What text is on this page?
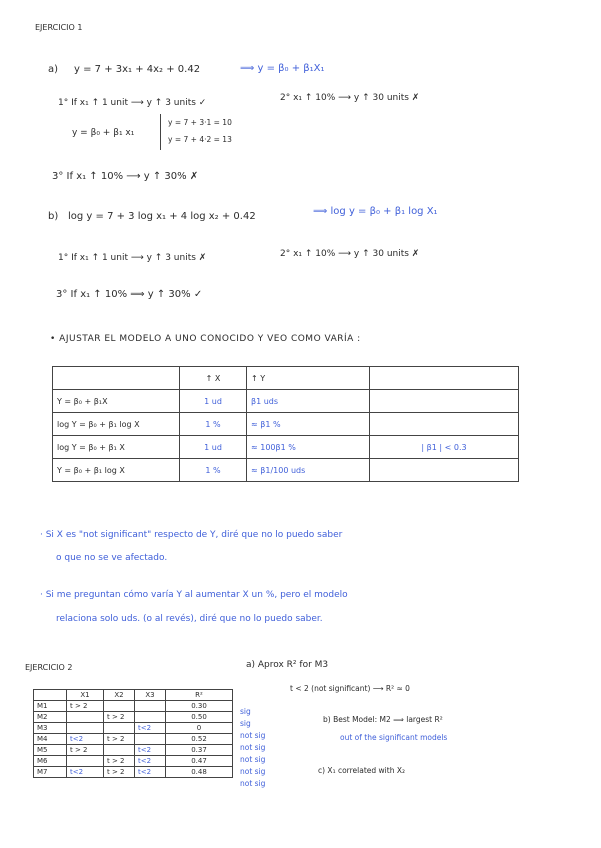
EJERCICIO 1
a) y = 7 + 3x₁ + 4x₂ + 0.42	⟹ y = β₀ + β₁X₁
1° If x₁ ↑ 1 unit ⟶ y ↑ 3 units ✓	2° x₁ ↑ 10% ⟶ y ↑ 30 units ✗
y = β₀ + β₁ x₁
y = 7 + 3·1 = 10
y = 7 + 4·2 = 13
3° If x₁ ↑ 10% ⟶ y ↑ 30% ✗
b) log y = 7 + 3 log x₁ + 4 log x₂ + 0.42	⟹ log y = β₀ + β₁ log X₁
1° If x₁ ↑ 1 unit ⟶ y ↑ 3 units ✗	2° x₁ ↑ 10% ⟶ y ↑ 30 units ✗
3° If x₁ ↑ 10% ⟹ y ↑ 30% ✓
• AJUSTAR EL MODELO A UNO CONOCIDO Y VEO COMO VARÍA :
	↑ X	↑ Y	
Y = β₀ + β₁X	1 ud	β1 uds	
log Y = β₀ + β₁ log X	1 %	≈ β1 %	
log Y = β₀ + β₁ X	1 ud	≈ 100β1 %	| β1 | < 0.3
Y = β₀ + β₁ log X	1 %	≈ β1/100 uds	
· Si X es "not significant" respecto de Y, diré que no lo puedo saber
o que no se ve afectado.
· Si me preguntan cómo varía Y al aumentar X un %, pero el modelo
relaciona solo uds. (o al revés), diré que no lo puedo saber.
EJERCICIO 2
	X1	X2	X3	R²
M1	t > 2			0.30
M2		t > 2		0.50
M3			t<2	0
M4	t<2	t > 2		0.52
M5	t > 2		t<2	0.37
M6		t > 2	t<2	0.47
M7	t<2	t > 2	t<2	0.48
sig
sig
not sig
not sig
not sig
not sig
not sig
a) Aprox R² for M3
t < 2 (not significant) ⟶ R² ≈ 0
b) Best Model: M2 ⟹ largest R²
out of the significant models
c) X₁ correlated with X₂
